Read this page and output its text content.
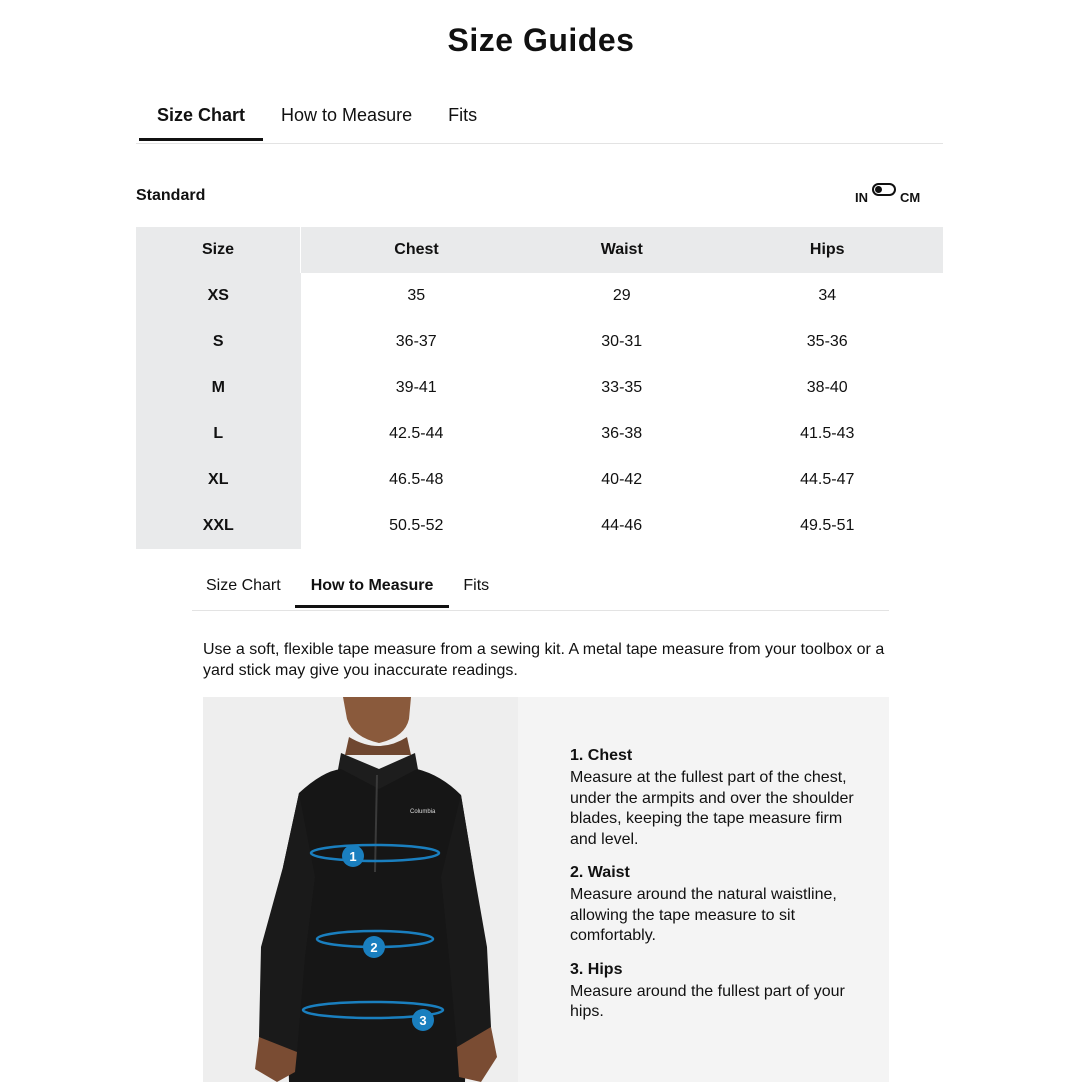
Size Guides
Size Chart	How to Measure	Fits
Standard	IN CM
Size	Chest	Waist	Hips
XS	35	29	34
S	36-37	30-31	35-36
M	39-41	33-35	38-40
L	42.5-44	36-38	41.5-43
XL	46.5-48	40-42	44.5-47
XXL	50.5-52	44-46	49.5-51
Size Chart	How to Measure	Fits

Use a soft, flexible tape measure from a sewing kit. A metal tape measure from your toolbox or a yard stick may give you inaccurate readings.

Columbia
1
2
3

1. Chest

Measure at the fullest part of the chest, under the armpits and over the shoulder blades, keeping the tape measure firm and level.

2. Waist

Measure around the natural waistline, allowing the tape measure to sit comfortably.

3. Hips

Measure around the fullest part of your hips.
